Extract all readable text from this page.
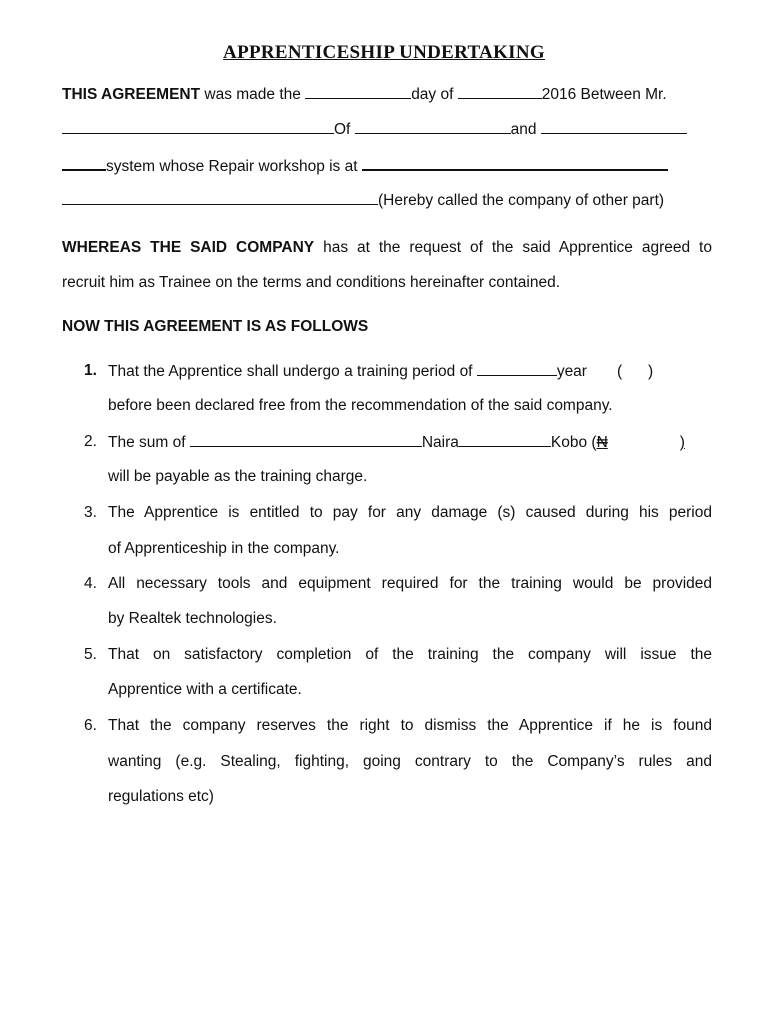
APPRENTICESHIP UNDERTAKING
THIS AGREEMENT was made the	day of	2016 Between Mr.
Of	and
system whose Repair workshop is at
(Hereby called the company of other part)
WHEREAS THE SAID COMPANY has at the request of the said Apprentice agreed to
recruit him as Trainee on the terms and conditions hereinafter contained.
NOW THIS AGREEMENT IS AS FOLLOWS
1. That the Apprentice shall undergo a training period of	year (      )
before been declared free from the recommendation of the said company.
2. The sum of	Naira	Kobo (₦	)
will be payable as the training charge.
3. The Apprentice is entitled to pay for any damage (s) caused during his period
of Apprenticeship in the company.
4. All necessary tools and equipment required for the training would be provided
by Realtek technologies.
5. That on satisfactory completion of the training the company will issue the
Apprentice with a certificate.
6. That the company reserves the right to dismiss the Apprentice if he is found
wanting (e.g. Stealing, fighting, going contrary to the Company’s rules and
regulations etc)
